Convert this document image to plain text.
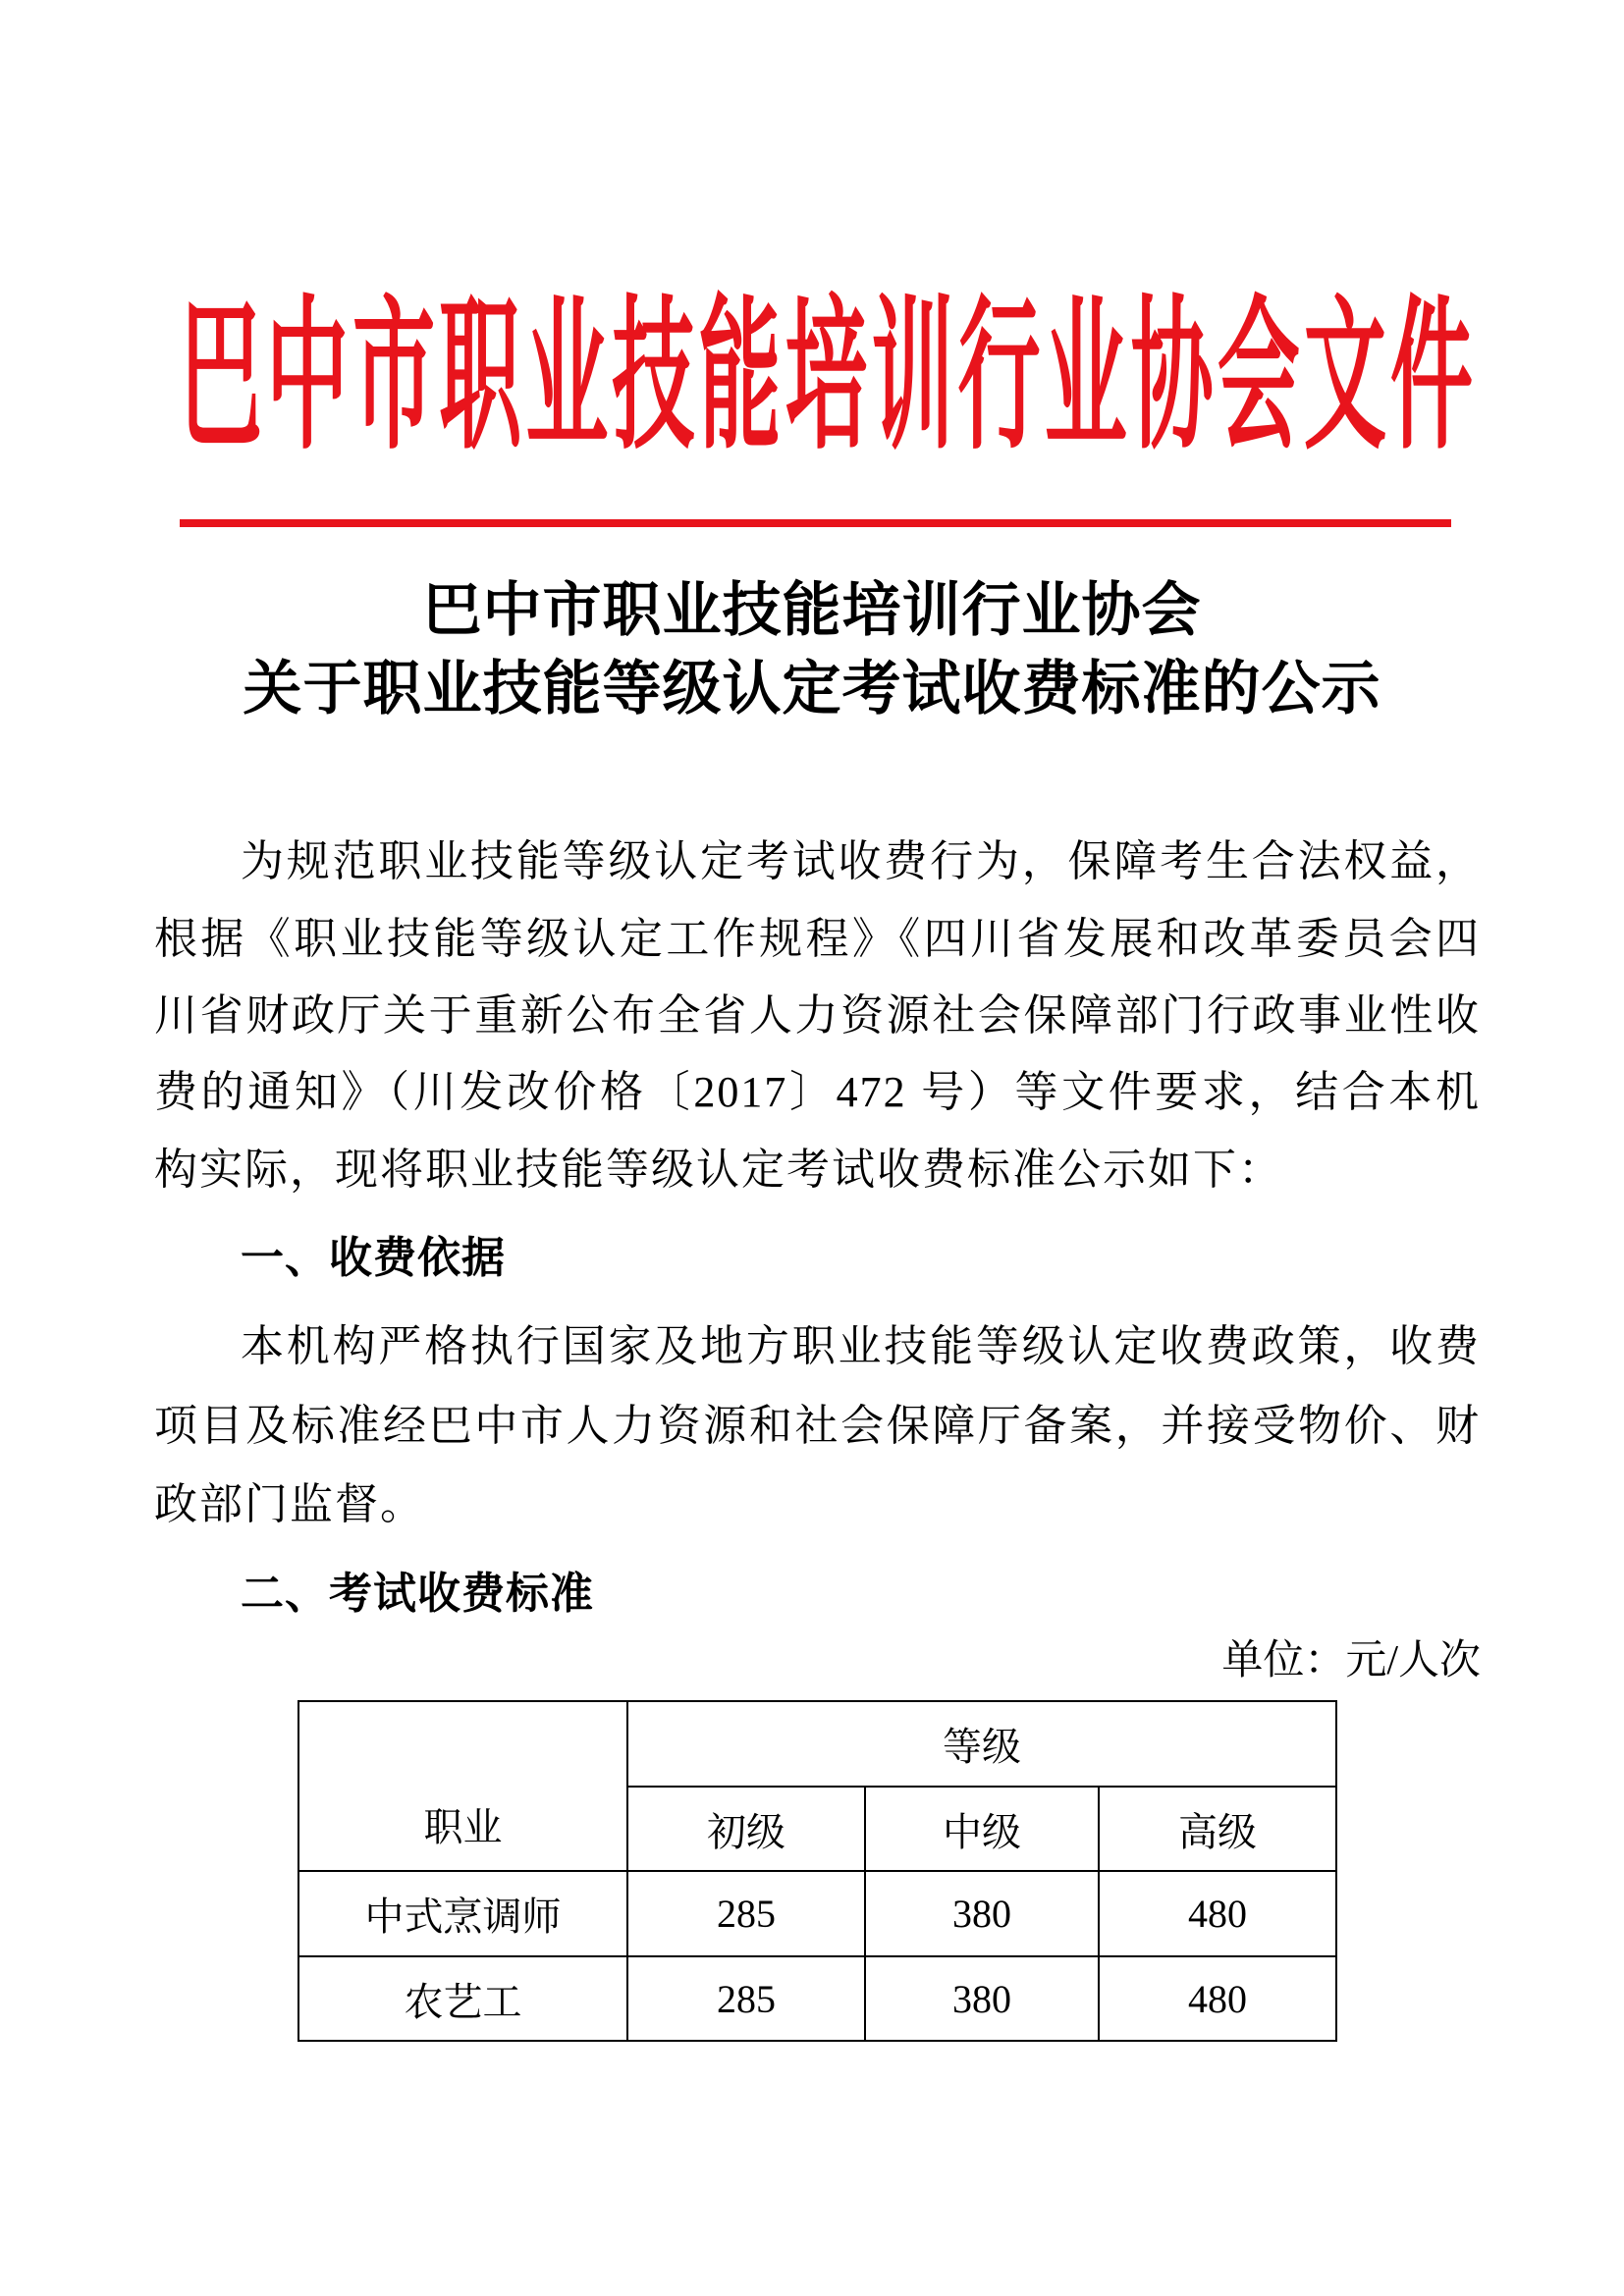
巴中市职业技能培训行业协会文件
巴中市职业技能培训行业协会
关于职业技能等级认定考试收费标准的公示
为规范职业技能等级认定考试收费行为，保障考生合法权益，
根据《职业技能等级认定工作规程》《四川省发展和改革委员会四
川省财政厅关于重新公布全省人力资源社会保障部门行政事业性收
费的通知》（川发改价格〔2017〕472 号）等文件要求，结合本机
构实际，现将职业技能等级认定考试收费标准公示如下：
一、收费依据
本机构严格执行国家及地方职业技能等级认定收费政策，收费
项目及标准经巴中市人力资源和社会保障厅备案，并接受物价、财
政部门监督。
二、考试收费标准
单位：元/人次
职业	等级		
	初级	中级	高级
中式烹调师	285	380	480
农艺工	285	380	480
